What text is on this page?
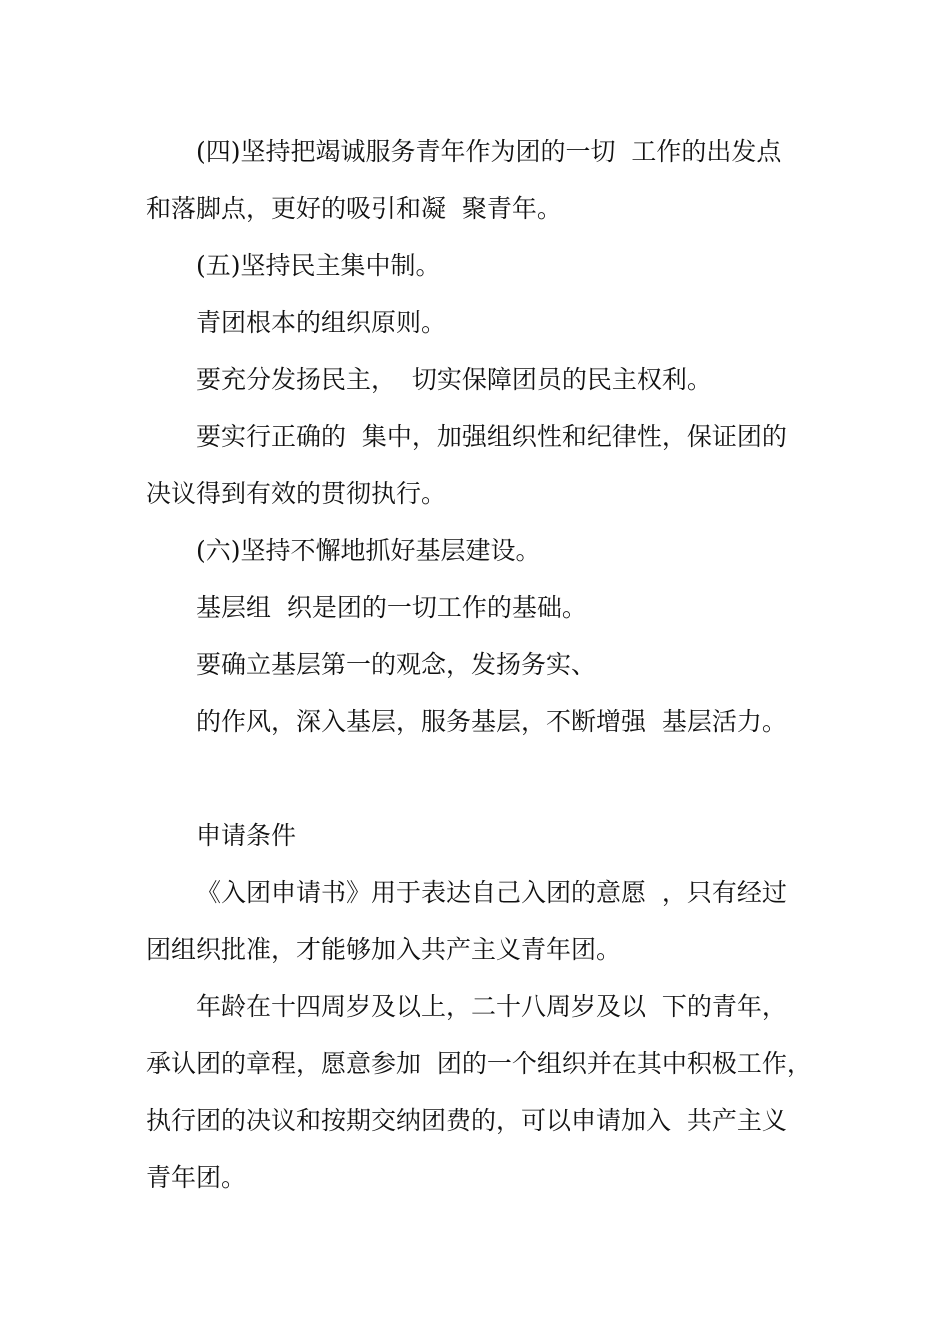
(四)坚持把竭诚服务青年作为团的一切  工作的出发点
和落脚点，更好的吸引和凝  聚青年。
(五)坚持民主集中制。
青团根本的组织原则。
要充分发扬民主，  切实保障团员的民主权利。
要实行正确的  集中，加强组织性和纪律性，保证团的
决议得到有效的贯彻执行。
(六)坚持不懈地抓好基层建设。
基层组  织是团的一切工作的基础。
要确立基层第一的观念，发扬务实、
的作风，深入基层，服务基层，不断增强  基层活力。
申请条件
《入团申请书》用于表达自己入团的意愿  ，只有经过
团组织批准，才能够加入共产主义青年团。
年龄在十四周岁及以上，二十八周岁及以  下的青年，
承认团的章程，愿意参加  团的一个组织并在其中积极工作，
执行团的决议和按期交纳团费的，可以申请加入  共产主义
青年团。
